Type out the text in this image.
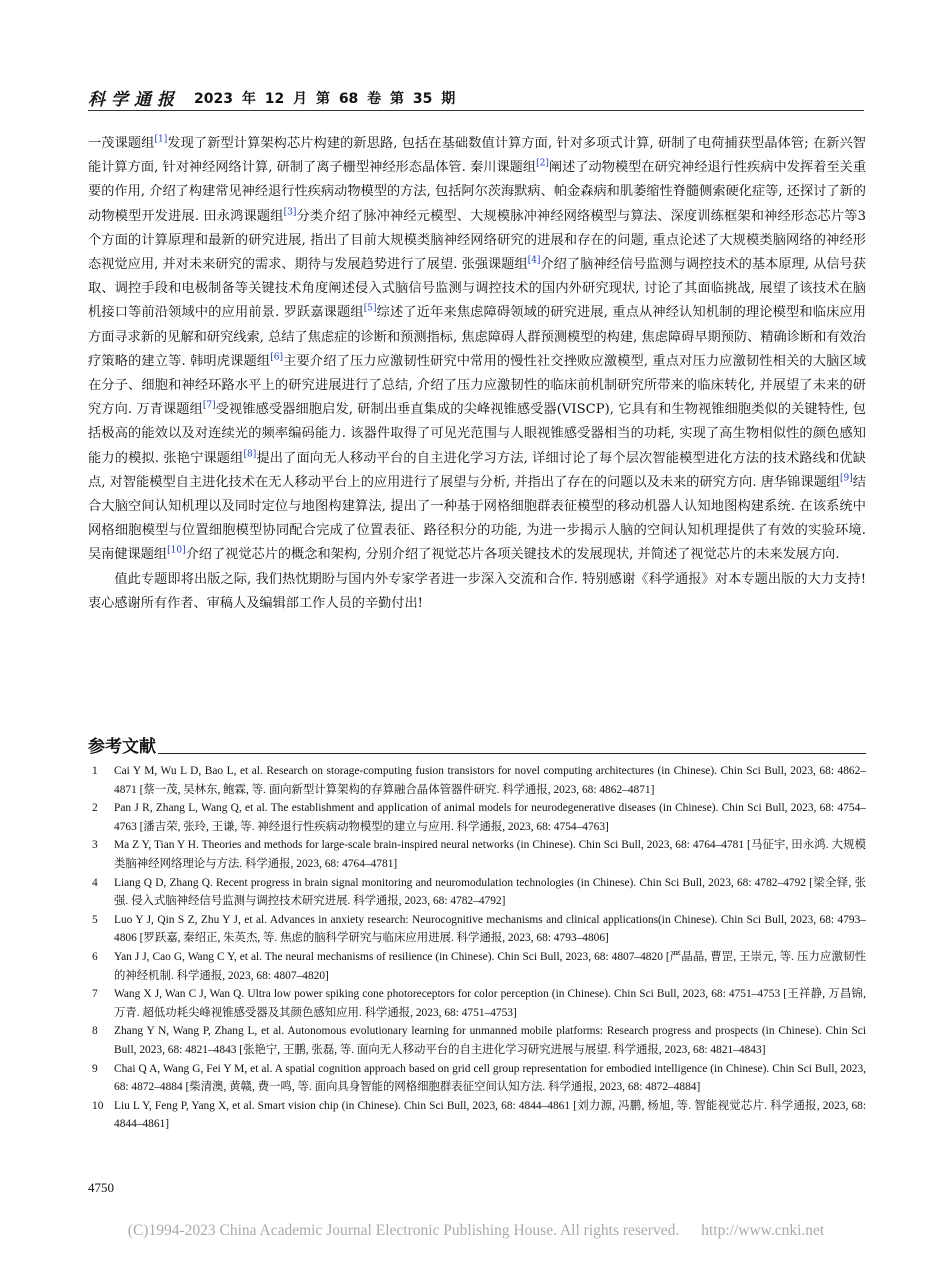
科学通报 2023 年 12 月 第 68 卷 第 35 期

一茂课题组[1]发现了新型计算架构芯片构建的新思路, 包括在基础数值计算方面, 针对多项式计算, 研制了电荷捕获型晶体管; 在新兴智能计算方面, 针对神经网络计算, 研制了离子栅型神经形态晶体管. 秦川课题组[2]阐述了动物模型在研究神经退行性疾病中发挥着至关重要的作用, 介绍了构建常见神经退行性疾病动物模型的方法, 包括阿尔茨海默病、帕金森病和肌萎缩性脊髓侧索硬化症等, 还探讨了新的动物模型开发进展. 田永鸿课题组[3]分类介绍了脉冲神经元模型、大规模脉冲神经网络模型与算法、深度训练框架和神经形态芯片等3个方面的计算原理和最新的研究进展, 指出了目前大规模类脑神经网络研究的进展和存在的问题, 重点论述了大规模类脑网络的神经形态视觉应用, 并对未来研究的需求、期待与发展趋势进行了展望. 张强课题组[4]介绍了脑神经信号监测与调控技术的基本原理, 从信号获取、调控手段和电极制备等关键技术角度阐述侵入式脑信号监测与调控技术的国内外研究现状, 讨论了其面临挑战, 展望了该技术在脑机接口等前沿领域中的应用前景. 罗跃嘉课题组[5]综述了近年来焦虑障碍领域的研究进展, 重点从神经认知机制的理论模型和临床应用方面寻求新的见解和研究线索, 总结了焦虑症的诊断和预测指标, 焦虑障碍人群预测模型的构建, 焦虑障碍早期预防、精确诊断和有效治疗策略的建立等. 韩明虎课题组[6]主要介绍了压力应激韧性研究中常用的慢性社交挫败应激模型, 重点对压力应激韧性相关的大脑区域在分子、细胞和神经环路水平上的研究进展进行了总结, 介绍了压力应激韧性的临床前机制研究所带来的临床转化, 并展望了未来的研究方向. 万青课题组[7]受视锥感受器细胞启发, 研制出垂直集成的尖峰视锥感受器(VISCP), 它具有和生物视锥细胞类似的关键特性, 包括极高的能效以及对连续光的频率编码能力. 该器件取得了可见光范围与人眼视锥感受器相当的功耗, 实现了高生物相似性的颜色感知能力的模拟. 张艳宁课题组[8]提出了面向无人移动平台的自主进化学习方法, 详细讨论了每个层次智能模型进化方法的技术路线和优缺点, 对智能模型自主进化技术在无人移动平台上的应用进行了展望与分析, 并指出了存在的问题以及未来的研究方向. 唐华锦课题组[9]结合大脑空间认知机理以及同时定位与地图构建算法, 提出了一种基于网格细胞群表征模型的移动机器人认知地图构建系统. 在该系统中网格细胞模型与位置细胞模型协同配合完成了位置表征、路径积分的功能, 为进一步揭示人脑的空间认知机理提供了有效的实验环境. 吴南健课题组[10]介绍了视觉芯片的概念和架构, 分别介绍了视觉芯片各项关键技术的发展现状, 并简述了视觉芯片的未来发展方向.

值此专题即将出版之际, 我们热忱期盼与国内外专家学者进一步深入交流和合作. 特别感谢《科学通报》对本专题出版的大力支持! 衷心感谢所有作者、审稿人及编辑部工作人员的辛勤付出!

参考文献
1	Cai Y M, Wu L D, Bao L, et al. Research on storage-computing fusion transistors for novel computing architectures (in Chinese). Chin Sci Bull, 2023, 68: 4862–4871 [蔡一茂, 吴林东, 鲍霖, 等. 面向新型计算架构的存算融合晶体管器件研究. 科学通报, 2023, 68: 4862–4871]
2	Pan J R, Zhang L, Wang Q, et al. The establishment and application of animal models for neurodegenerative diseases (in Chinese). Chin Sci Bull, 2023, 68: 4754–4763 [潘吉荣, 张玲, 王谦, 等. 神经退行性疾病动物模型的建立与应用. 科学通报, 2023, 68: 4754–4763]
3	Ma Z Y, Tian Y H. Theories and methods for large-scale brain-inspired neural networks (in Chinese). Chin Sci Bull, 2023, 68: 4764–4781 [马征宇, 田永鸿. 大规模类脑神经网络理论与方法. 科学通报, 2023, 68: 4764–4781]
4	Liang Q D, Zhang Q. Recent progress in brain signal monitoring and neuromodulation technologies (in Chinese). Chin Sci Bull, 2023, 68: 4782–4792 [梁全铎, 张强. 侵入式脑神经信号监测与调控技术研究进展. 科学通报, 2023, 68: 4782–4792]
5	Luo Y J, Qin S Z, Zhu Y J, et al. Advances in anxiety research: Neurocognitive mechanisms and clinical applications(in Chinese). Chin Sci Bull, 2023, 68: 4793–4806 [罗跃嘉, 秦绍正, 朱英杰, 等. 焦虑的脑科学研究与临床应用进展. 科学通报, 2023, 68: 4793–4806]
6	Yan J J, Cao G, Wang C Y, et al. The neural mechanisms of resilience (in Chinese). Chin Sci Bull, 2023, 68: 4807–4820 [严晶晶, 曹罡, 王崇元, 等. 压力应激韧性的神经机制. 科学通报, 2023, 68: 4807–4820]
7	Wang X J, Wan C J, Wan Q. Ultra low power spiking cone photoreceptors for color perception (in Chinese). Chin Sci Bull, 2023, 68: 4751–4753 [王祥静, 万昌锦, 万青. 超低功耗尖峰视锥感受器及其颜色感知应用. 科学通报, 2023, 68: 4751–4753]
8	Zhang Y N, Wang P, Zhang L, et al. Autonomous evolutionary learning for unmanned mobile platforms: Research progress and prospects (in Chinese). Chin Sci Bull, 2023, 68: 4821–4843 [张艳宁, 王鹏, 张磊, 等. 面向无人移动平台的自主进化学习研究进展与展望. 科学通报, 2023, 68: 4821–4843]
9	Chai Q A, Wang G, Fei Y M, et al. A spatial cognition approach based on grid cell group representation for embodied intelligence (in Chinese). Chin Sci Bull, 2023, 68: 4872–4884 [柴清澳, 黄赣, 费一鸣, 等. 面向具身智能的网格细胞群表征空间认知方法. 科学通报, 2023, 68: 4872–4884]
10 Liu L Y, Feng P, Yang X, et al. Smart vision chip (in Chinese). Chin Sci Bull, 2023, 68: 4844–4861 [刘力源, 冯鹏, 杨旭, 等. 智能视觉芯片. 科学通报, 2023, 68: 4844–4861]
4750
(C)1994-2023 China Academic Journal Electronic Publishing House. All rights reserved. http://www.cnki.net
